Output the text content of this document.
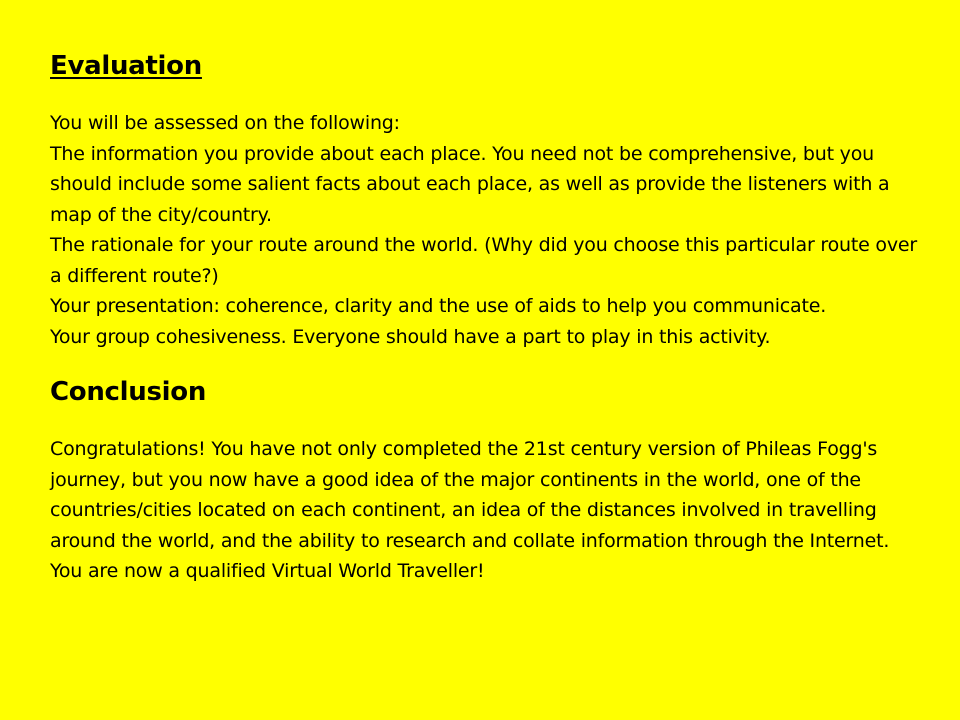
Evaluation

You will be assessed on the following:

The information you provide about each place. You need not be comprehensive, but you should include some salient facts about each place, as well as provide the listeners with a map of the city/country.

The rationale for your route around the world. (Why did you choose this particular route over a different route?)

Your presentation: coherence, clarity and the use of aids to help you communicate.

Your group cohesiveness. Everyone should have a part to play in this activity.

Conclusion

Congratulations! You have not only completed the 21st century version of Phileas Fogg's journey, but you now have a good idea of the major continents in the world, one of the countries/cities located on each continent, an idea of the distances involved in travelling around the world, and the ability to research and collate information through the Internet.

You are now a qualified Virtual World Traveller!
